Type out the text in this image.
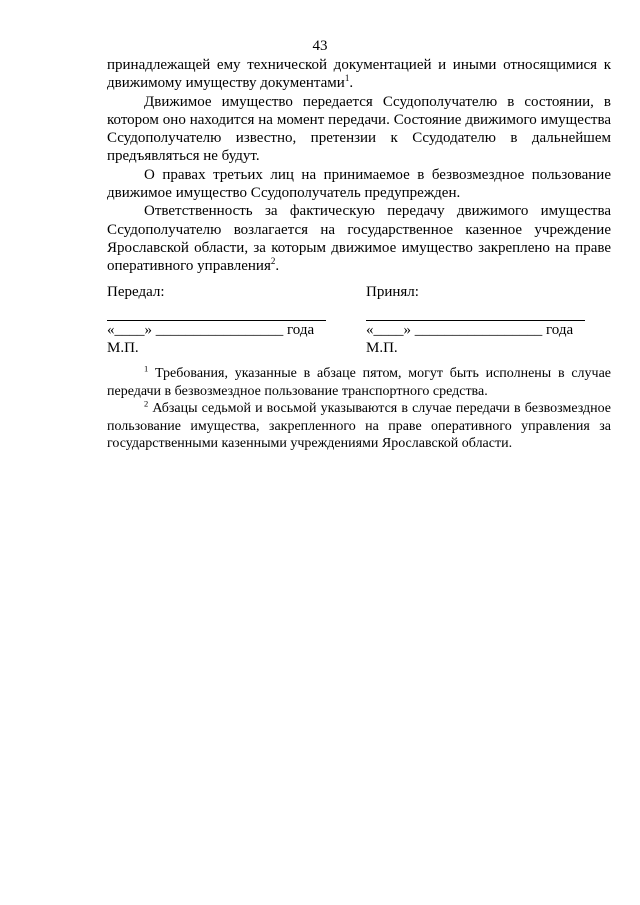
43

принадлежащей ему технической документацией и иными относящимися к движимому имуществу документами$^1$.

Движимое имущество передается Ссудополучателю в состоянии, в котором оно находится на момент передачи. Состояние движимого имущества Ссудополучателю известно, претензии к Ссудодателю в дальнейшем предъявляться не будут.

О правах третьих лиц на принимаемое в безвозмездное пользование движимое имущество Ссудополучатель предупрежден.

Ответственность за фактическую передачу движимого имущества Ссудополучателю возлагается на государственное казенное учреждение Ярославской области, за которым движимое имущество закреплено на праве оперативного управления$^2$.

Передал:
«____» _________________ года
М.П.
Принял:
«____» _________________ года
М.П.

$^1$ Требования, указанные в абзаце пятом, могут быть исполнены в случае передачи в безвозмездное пользование транспортного средства.

$^2$ Абзацы седьмой и восьмой указываются в случае передачи в безвозмездное пользование имущества, закрепленного на праве оперативного управления за государственными казенными учреждениями Ярославской области.
